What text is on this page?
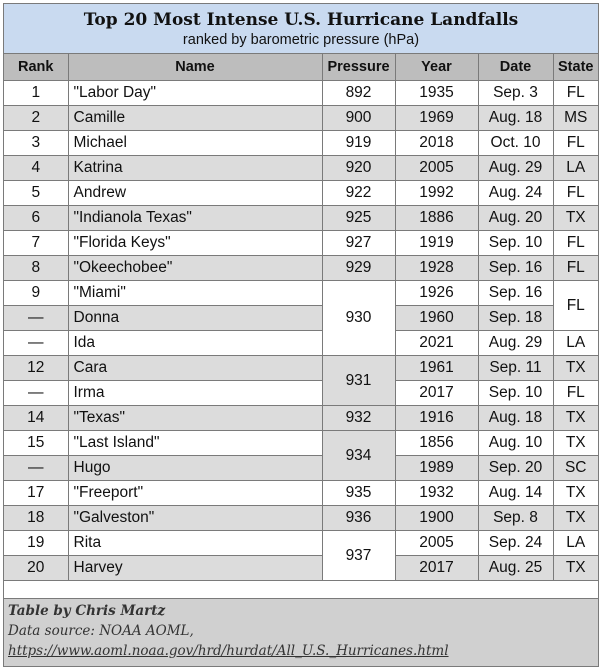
Top 20 Most Intense U.S. Hurricane Landfalls
ranked by barometric pressure (hPa)
Rank	Name	Pressure	Year	Date	State
1	"Labor Day"	892	1935	Sep. 3	FL
2	Camille	900	1969	Aug. 18	MS
3	Michael	919	2018	Oct. 10	FL
4	Katrina	920	2005	Aug. 29	LA
5	Andrew	922	1992	Aug. 24	FL
6	"Indianola Texas"	925	1886	Aug. 20	TX
7	"Florida Keys"	927	1919	Sep. 10	FL
8	"Okeechobee"	929	1928	Sep. 16	FL
9	"Miami"	930	1926	Sep. 16	FL
—	Donna		1960	Sep. 18	
—	Ida		2021	Aug. 29	LA
12	Cara	931	1961	Sep. 11	TX
—	Irma		2017	Sep. 10	FL
14	"Texas"	932	1916	Aug. 18	TX
15	"Last Island"	934	1856	Aug. 10	TX
—	Hugo		1989	Sep. 20	SC
17	"Freeport"	935	1932	Aug. 14	TX
18	"Galveston"	936	1900	Sep. 8	TX
19	Rita	937	2005	Sep. 24	LA
20	Harvey		2017	Aug. 25	TX
Table by Chris Martz
Data source: NOAA AOML,
https://www.aoml.noaa.gov/hrd/hurdat/All_U.S._Hurricanes.html
